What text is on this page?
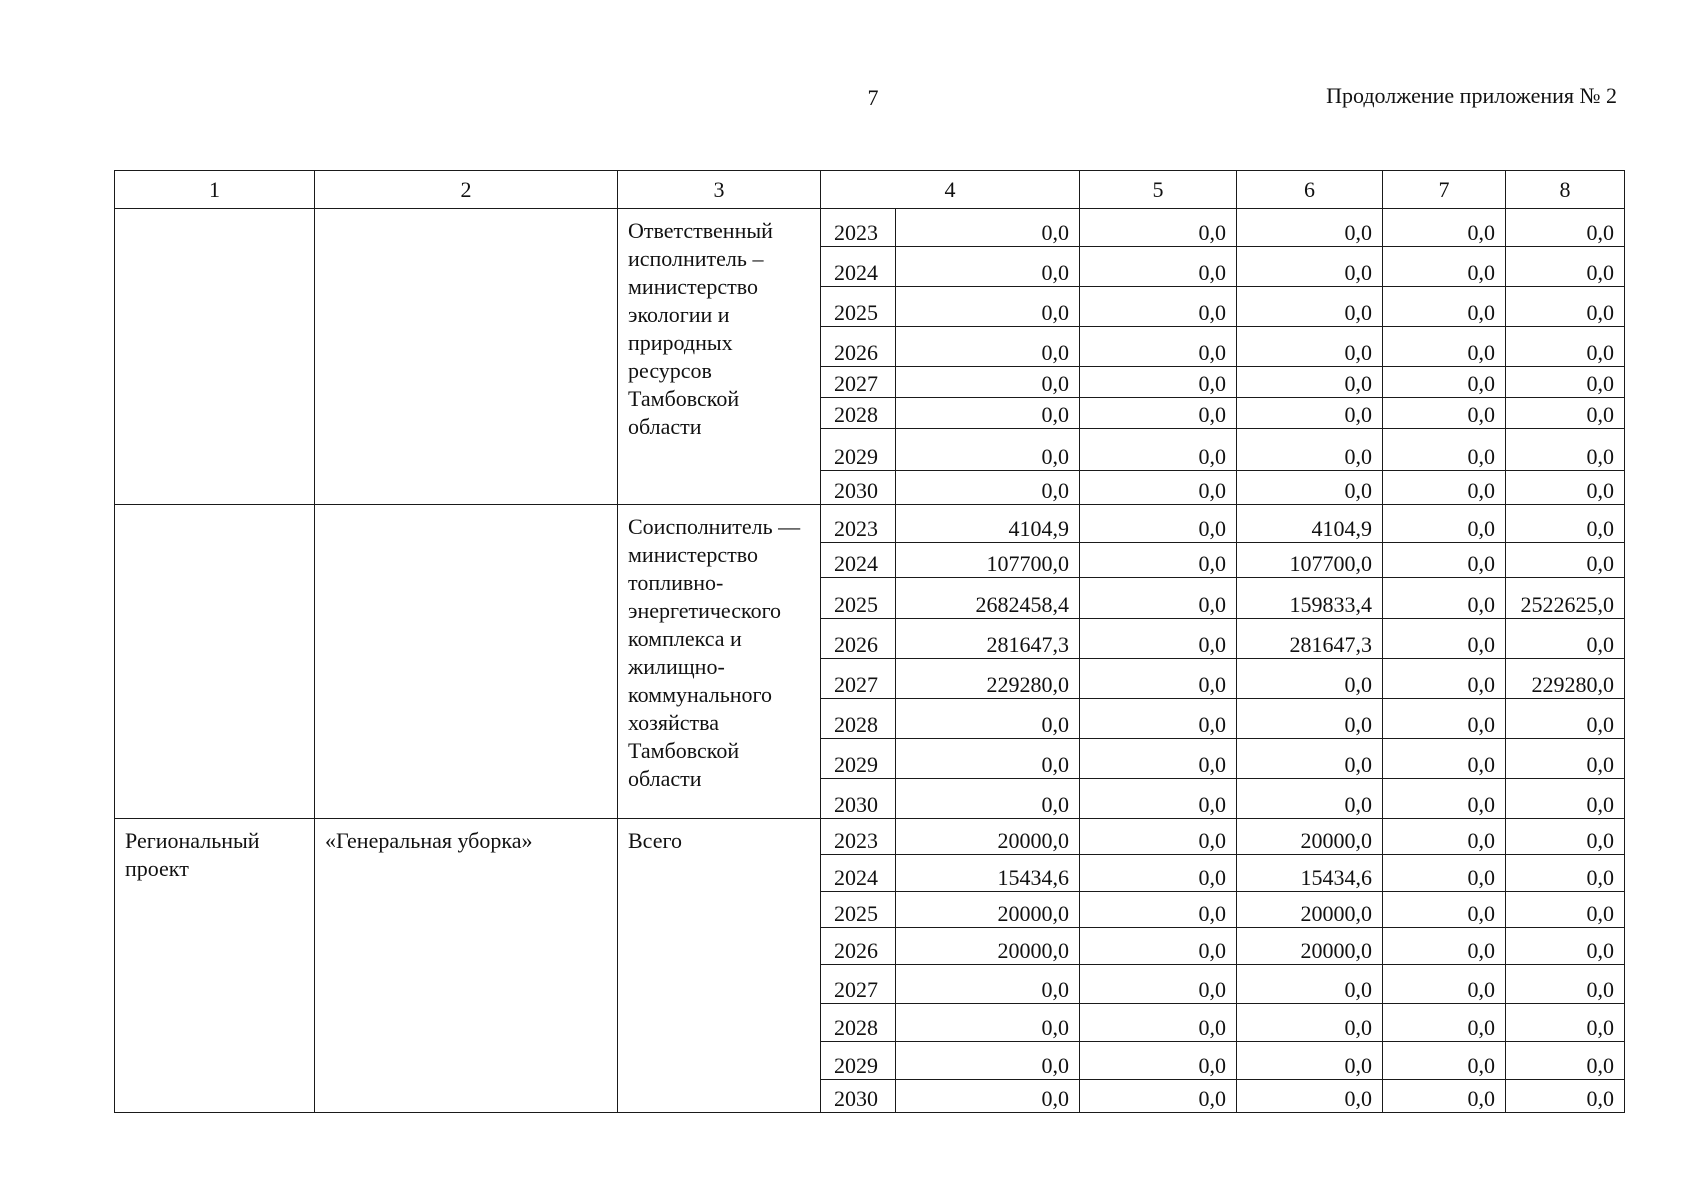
7	Продолжение приложения № 2
1	2	3	4		5	6	7	8
		Ответственный исполнитель – министерство экологии и природных ресурсов Тамбовской области	2023	0,0	0,0	0,0	0,0	0,0
			2024	0,0	0,0	0,0	0,0	0,0
			2025	0,0	0,0	0,0	0,0	0,0
			2026	0,0	0,0	0,0	0,0	0,0
			2027	0,0	0,0	0,0	0,0	0,0
			2028	0,0	0,0	0,0	0,0	0,0
			2029	0,0	0,0	0,0	0,0	0,0
			2030	0,0	0,0	0,0	0,0	0,0
		Соисполнитель — министерство топливно-энергетического комплекса и жилищно-коммунального хозяйства Тамбовской области	2023	4104,9	0,0	4104,9	0,0	0,0
			2024	107700,0	0,0	107700,0	0,0	0,0
			2025	2682458,4	0,0	159833,4	0,0	2522625,0
			2026	281647,3	0,0	281647,3	0,0	0,0
			2027	229280,0	0,0	0,0	0,0	229280,0
			2028	0,0	0,0	0,0	0,0	0,0
			2029	0,0	0,0	0,0	0,0	0,0
			2030	0,0	0,0	0,0	0,0	0,0
Региональный проект	«Генеральная уборка»	Всего	2023	20000,0	0,0	20000,0	0,0	0,0
			2024	15434,6	0,0	15434,6	0,0	0,0
			2025	20000,0	0,0	20000,0	0,0	0,0
			2026	20000,0	0,0	20000,0	0,0	0,0
			2027	0,0	0,0	0,0	0,0	0,0
			2028	0,0	0,0	0,0	0,0	0,0
			2029	0,0	0,0	0,0	0,0	0,0
			2030	0,0	0,0	0,0	0,0	0,0
